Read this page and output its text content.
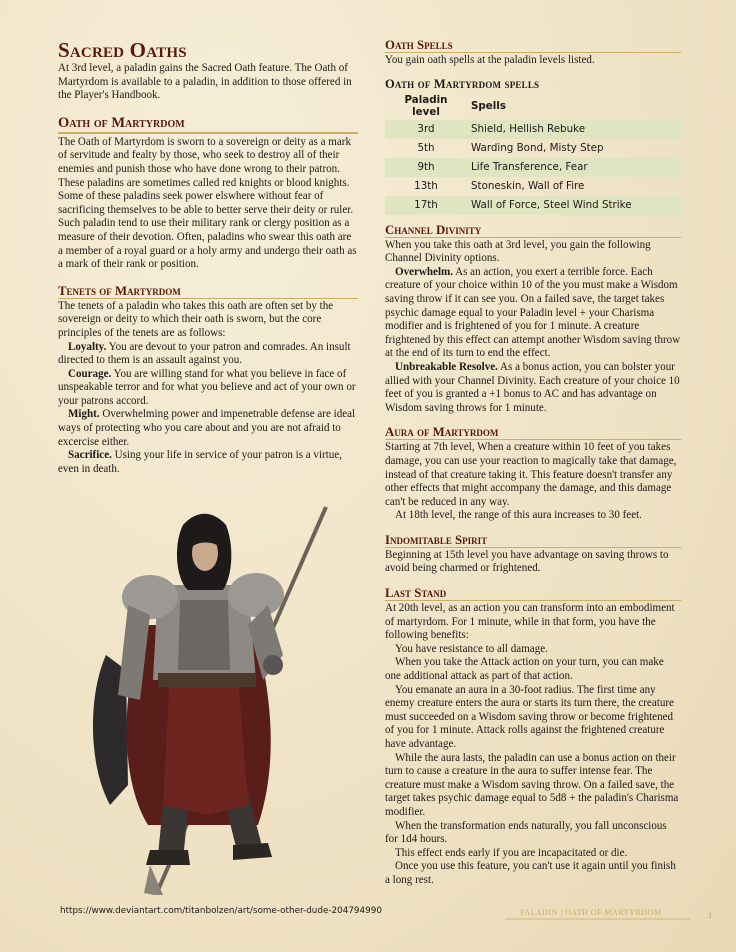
Sacred Oaths

At 3rd level, a paladin gains the Sacred Oath feature. The Oath of Martyrdom is available to a paladin, in addition to those offered in the Player's Handbook.

Oath of Martyrdom

The Oath of Martyrdom is sworn to a sovereign or deity as a mark of servitude and fealty by those, who seek to destroy all of their enemies and punish those who have done wrong to their patron. These paladins are sometimes called red knights or blood knights. Some of these paladins seek power elswhere without fear of sacrificing themselves to be able to better serve their deity or ruler. Such paladin tend to use their military rank or clergy position as a measure of their devotion. Often, paladins who swear this oath are a member of a royal guard or a holy army and undergo their oath as a mark of their rank or position.

Tenets of Martyrdom

The tenets of a paladin who takes this oath are often set by the sovereign or deity to which their oath is sworn, but the core principles of the tenets are as follows:

Loyalty. You are devout to your patron and comrades. An insult directed to them is an assault against you.

Courage. You are willing stand for what you believe in face of unspeakable terror and for what you believe and act of your own or your patrons accord.

Might. Overwhelming power and impenetrable defense are ideal ways of protecting who you care about and you are not afraid to excercise either.

Sacrifice. Using your life in service of your patron is a virtue, even in death.

Oath Spells

You gain oath spells at the paladin levels listed.

Oath of Martyrdom spells
Paladin level	Spells
3rd	Shield, Hellish Rebuke
5th	Warding Bond, Misty Step
9th	Life Transference, Fear
13th	Stoneskin, Wall of Fire
17th	Wall of Force, Steel Wind Strike
Channel Divinity

When you take this oath at 3rd level, you gain the following Channel Divinity options.

Overwhelm. As an action, you exert a terrible force. Each creature of your choice within 10 of the you must make a Wisdom saving throw if it can see you. On a failed save, the target takes psychic damage equal to your Paladin level + your Charisma modifier and is frightened of you for 1 minute. A creature frightened by this effect can attempt another Wisdom saving throw at the end of its turn to end the effect.

Unbreakable Resolve. As a bonus action, you can bolster your allied with your Channel Divinity. Each creature of your choice 10 feet of you is granted a +1 bonus to AC and has advantage on Wisdom saving throws for 1 minute.

Aura of Martyrdom

Starting at 7th level, When a creature within 10 feet of you takes damage, you can use your reaction to magically take that damage, instead of that creature taking it. This feature doesn't transfer any other effects that might accompany the damage, and this damage can't be reduced in any way.

At 18th level, the range of this aura increases to 30 feet.

Indomitable Spirit

Beginning at 15th level you have advantage on saving throws to avoid being charmed or frightened.

Last Stand

At 20th level, as an action you can transform into an embodiment of martyrdom. For 1 minute, while in that form, you have the following benefits:

You have resistance to all damage.

When you take the Attack action on your turn, you can make one additional attack as part of that action.

You emanate an aura in a 30-foot radius. The first time any enemy creature enters the aura or starts its turn there, the creature must succeeded on a Wisdom saving throw or become frightened of you for 1 minute. Attack rolls against the frightened creature have advantage.

While the aura lasts, the paladin can use a bonus action on their turn to cause a creature in the aura to suffer intense fear. The creature must make a Wisdom saving throw. On a failed save, the target takes psychic damage equal to 5d8 + the paladin's Charisma modifier.

When the transformation ends naturally, you fall unconscious for 1d4 hours.

This effect ends early if you are incapacitated or die.

Once you use this feature, you can't use it again until you finish a long rest.

https://www.deviantart.com/titanbolzen/art/some-other-dude-204794990	PALADIN | OATH OF MARTYRDOM	1
